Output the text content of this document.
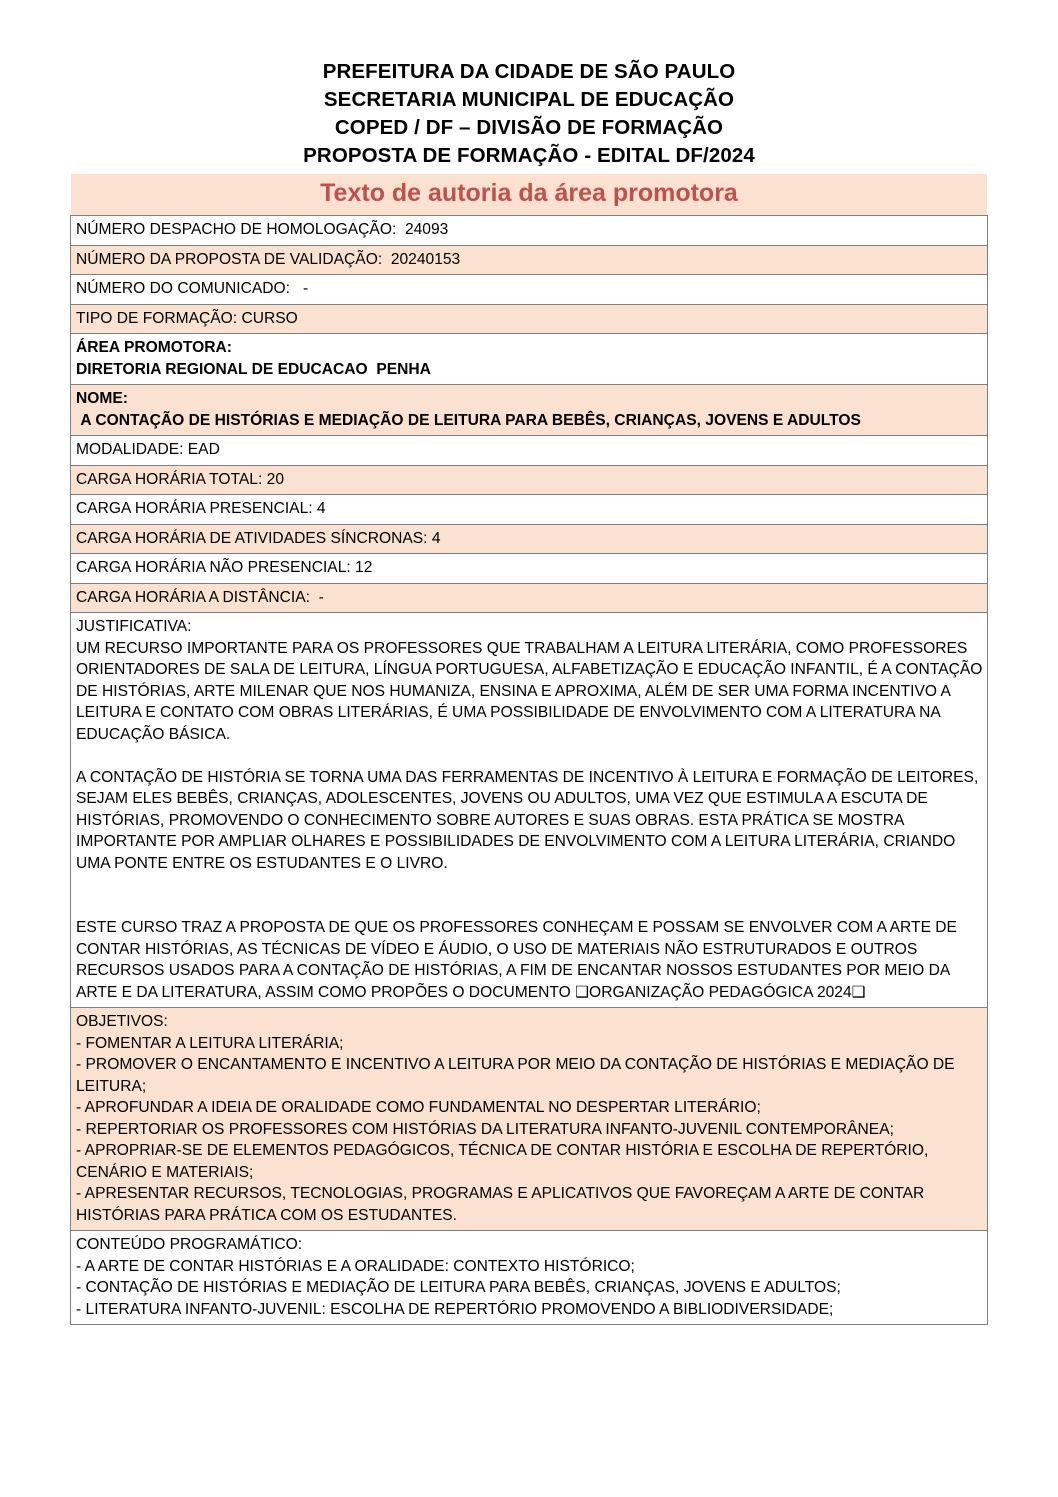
PREFEITURA DA CIDADE DE SÃO PAULO
SECRETARIA MUNICIPAL DE EDUCAÇÃO
COPED / DF – DIVISÃO DE FORMAÇÃO
PROPOSTA DE FORMAÇÃO - EDITAL DF/2024
Texto de autoria da área promotora
NÚMERO DESPACHO DE HOMOLOGAÇÃO:  24093

NÚMERO DA PROPOSTA DE VALIDAÇÃO:  20240153

NÚMERO DO COMUNICADO:   -

TIPO DE FORMAÇÃO: CURSO

ÁREA PROMOTORA:
DIRETORIA REGIONAL DE EDUCACAO  PENHA

NOME:
A CONTAÇÃO DE HISTÓRIAS E MEDIAÇÃO DE LEITURA PARA BEBÊS, CRIANÇAS, JOVENS E ADULTOS

MODALIDADE: EAD

CARGA HORÁRIA TOTAL: 20

CARGA HORÁRIA PRESENCIAL: 4

CARGA HORÁRIA DE ATIVIDADES SÍNCRONAS: 4

CARGA HORÁRIA NÃO PRESENCIAL: 12

CARGA HORÁRIA A DISTÂNCIA:  -

JUSTIFICATIVA:
UM RECURSO IMPORTANTE PARA OS PROFESSORES QUE TRABALHAM A LEITURA LITERÁRIA, COMO PROFESSORES ORIENTADORES DE SALA DE LEITURA, LÍNGUA PORTUGUESA, ALFABETIZAÇÃO E EDUCAÇÃO INFANTIL, É A CONTAÇÃO DE HISTÓRIAS, ARTE MILENAR QUE NOS HUMANIZA, ENSINA E APROXIMA, ALÉM DE SER UMA FORMA INCENTIVO A LEITURA E CONTATO COM OBRAS LITERÁRIAS, É UMA POSSIBILIDADE DE ENVOLVIMENTO COM A LITERATURA NA EDUCAÇÃO BÁSICA.
A CONTAÇÃO DE HISTÓRIA SE TORNA UMA DAS FERRAMENTAS DE INCENTIVO À LEITURA E FORMAÇÃO DE LEITORES, SEJAM ELES BEBÊS, CRIANÇAS, ADOLESCENTES, JOVENS OU ADULTOS, UMA VEZ QUE ESTIMULA A ESCUTA DE HISTÓRIAS, PROMOVENDO O CONHECIMENTO SOBRE AUTORES E SUAS OBRAS. ESTA PRÁTICA SE MOSTRA IMPORTANTE POR AMPLIAR OLHARES E POSSIBILIDADES DE ENVOLVIMENTO COM A LEITURA LITERÁRIA, CRIANDO UMA PONTE ENTRE OS ESTUDANTES E O LIVRO.
ESTE CURSO TRAZ A PROPOSTA DE QUE OS PROFESSORES CONHEÇAM E POSSAM SE ENVOLVER COM A ARTE DE CONTAR HISTÓRIAS, AS TÉCNICAS DE VÍDEO E ÁUDIO, O USO DE MATERIAIS NÃO ESTRUTURADOS E OUTROS RECURSOS USADOS PARA A CONTAÇÃO DE HISTÓRIAS, A FIM DE ENCANTAR NOSSOS ESTUDANTES POR MEIO DA ARTE E DA LITERATURA, ASSIM COMO PROPÕES O DOCUMENTO ❑ORGANIZAÇÃO PEDAGÓGICA 2024❑

OBJETIVOS:
- FOMENTAR A LEITURA LITERÁRIA;
- PROMOVER O ENCANTAMENTO E INCENTIVO A LEITURA POR MEIO DA CONTAÇÃO DE HISTÓRIAS E MEDIAÇÃO DE LEITURA;
- APROFUNDAR A IDEIA DE ORALIDADE COMO FUNDAMENTAL NO DESPERTAR LITERÁRIO;
- REPERTORIAR OS PROFESSORES COM HISTÓRIAS DA LITERATURA INFANTO-JUVENIL CONTEMPORÂNEA;
- APROPRIAR-SE DE ELEMENTOS PEDAGÓGICOS, TÉCNICA DE CONTAR HISTÓRIA E ESCOLHA DE REPERTÓRIO, CENÁRIO E MATERIAIS;
- APRESENTAR RECURSOS, TECNOLOGIAS, PROGRAMAS E APLICATIVOS QUE FAVOREÇAM A ARTE DE CONTAR HISTÓRIAS PARA PRÁTICA COM OS ESTUDANTES.

CONTEÚDO PROGRAMÁTICO:
- A ARTE DE CONTAR HISTÓRIAS E A ORALIDADE: CONTEXTO HISTÓRICO;
- CONTAÇÃO DE HISTÓRIAS E MEDIAÇÃO DE LEITURA PARA BEBÊS, CRIANÇAS, JOVENS E ADULTOS;
- LITERATURA INFANTO-JUVENIL: ESCOLHA DE REPERTÓRIO PROMOVENDO A BIBLIODIVERSIDADE;
